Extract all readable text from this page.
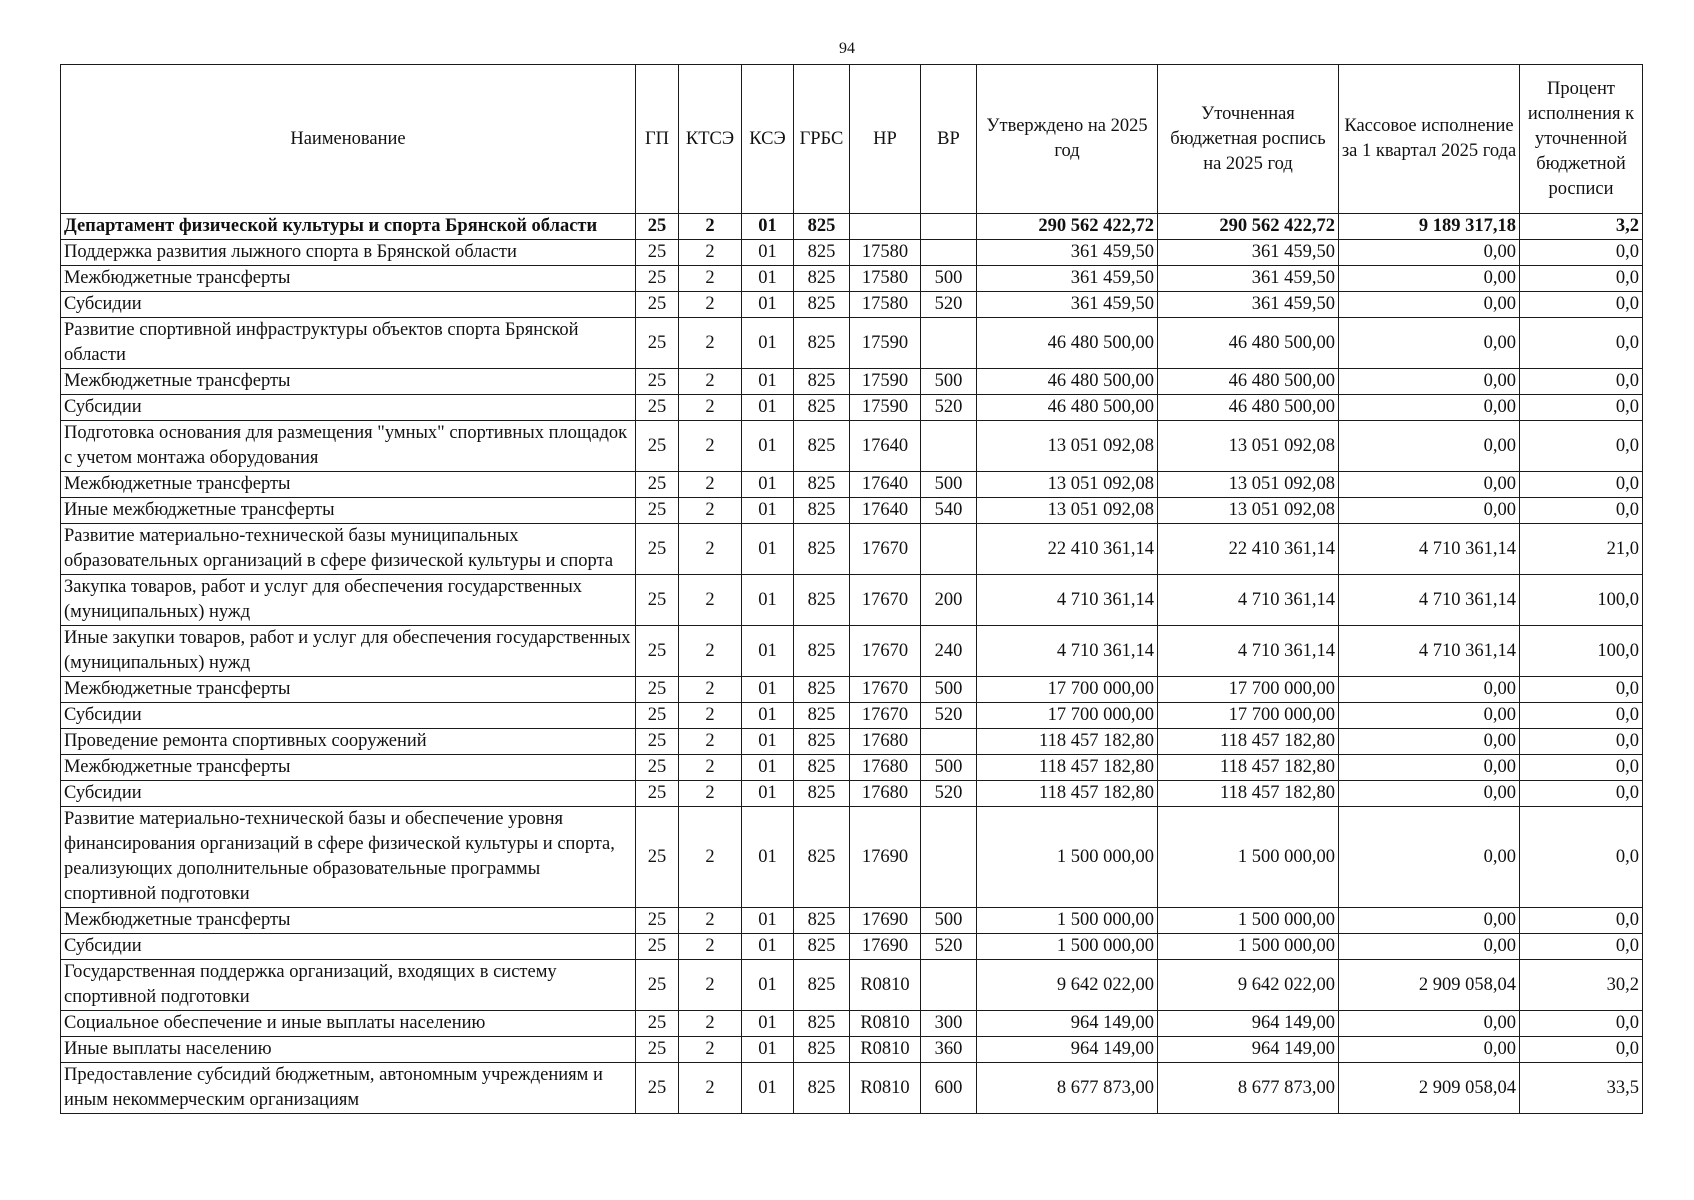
94
Наименование	ГП	КТСЭ	КСЭ	ГРБС	НР	ВР	Утверждено на 2025 год	Уточненная бюджетная роспись на 2025 год	Кассовое исполнение за 1 квартал 2025 года	Процент исполнения к уточненной бюджетной росписи
Департамент физической культуры и спорта Брянской области	25	2	01	825			290 562 422,72	290 562 422,72	9 189 317,18	3,2
Поддержка развития лыжного спорта в Брянской области	25	2	01	825	17580		361 459,50	361 459,50	0,00	0,0
Межбюджетные трансферты	25	2	01	825	17580	500	361 459,50	361 459,50	0,00	0,0
Субсидии	25	2	01	825	17580	520	361 459,50	361 459,50	0,00	0,0
Развитие спортивной инфраструктуры объектов спорта Брянской области	25	2	01	825	17590		46 480 500,00	46 480 500,00	0,00	0,0
Межбюджетные трансферты	25	2	01	825	17590	500	46 480 500,00	46 480 500,00	0,00	0,0
Субсидии	25	2	01	825	17590	520	46 480 500,00	46 480 500,00	0,00	0,0
Подготовка основания для размещения "умных" спортивных площадок с учетом монтажа оборудования	25	2	01	825	17640		13 051 092,08	13 051 092,08	0,00	0,0
Межбюджетные трансферты	25	2	01	825	17640	500	13 051 092,08	13 051 092,08	0,00	0,0
Иные межбюджетные трансферты	25	2	01	825	17640	540	13 051 092,08	13 051 092,08	0,00	0,0
Развитие материально-технической базы муниципальных образовательных организаций в сфере физической культуры и спорта	25	2	01	825	17670		22 410 361,14	22 410 361,14	4 710 361,14	21,0
Закупка товаров, работ и услуг для обеспечения государственных (муниципальных) нужд	25	2	01	825	17670	200	4 710 361,14	4 710 361,14	4 710 361,14	100,0
Иные закупки товаров, работ и услуг для обеспечения государственных (муниципальных) нужд	25	2	01	825	17670	240	4 710 361,14	4 710 361,14	4 710 361,14	100,0
Межбюджетные трансферты	25	2	01	825	17670	500	17 700 000,00	17 700 000,00	0,00	0,0
Субсидии	25	2	01	825	17670	520	17 700 000,00	17 700 000,00	0,00	0,0
Проведение ремонта спортивных сооружений	25	2	01	825	17680		118 457 182,80	118 457 182,80	0,00	0,0
Межбюджетные трансферты	25	2	01	825	17680	500	118 457 182,80	118 457 182,80	0,00	0,0
Субсидии	25	2	01	825	17680	520	118 457 182,80	118 457 182,80	0,00	0,0
Развитие материально-технической базы и обеспечение уровня финансирования организаций в сфере физической культуры и спорта, реализующих дополнительные образовательные программы спортивной подготовки	25	2	01	825	17690		1 500 000,00	1 500 000,00	0,00	0,0
Межбюджетные трансферты	25	2	01	825	17690	500	1 500 000,00	1 500 000,00	0,00	0,0
Субсидии	25	2	01	825	17690	520	1 500 000,00	1 500 000,00	0,00	0,0
Государственная поддержка организаций, входящих в систему спортивной подготовки	25	2	01	825	R0810		9 642 022,00	9 642 022,00	2 909 058,04	30,2
Социальное обеспечение и иные выплаты населению	25	2	01	825	R0810	300	964 149,00	964 149,00	0,00	0,0
Иные выплаты населению	25	2	01	825	R0810	360	964 149,00	964 149,00	0,00	0,0
Предоставление субсидий бюджетным, автономным учреждениям и иным некоммерческим организациям	25	2	01	825	R0810	600	8 677 873,00	8 677 873,00	2 909 058,04	33,5
